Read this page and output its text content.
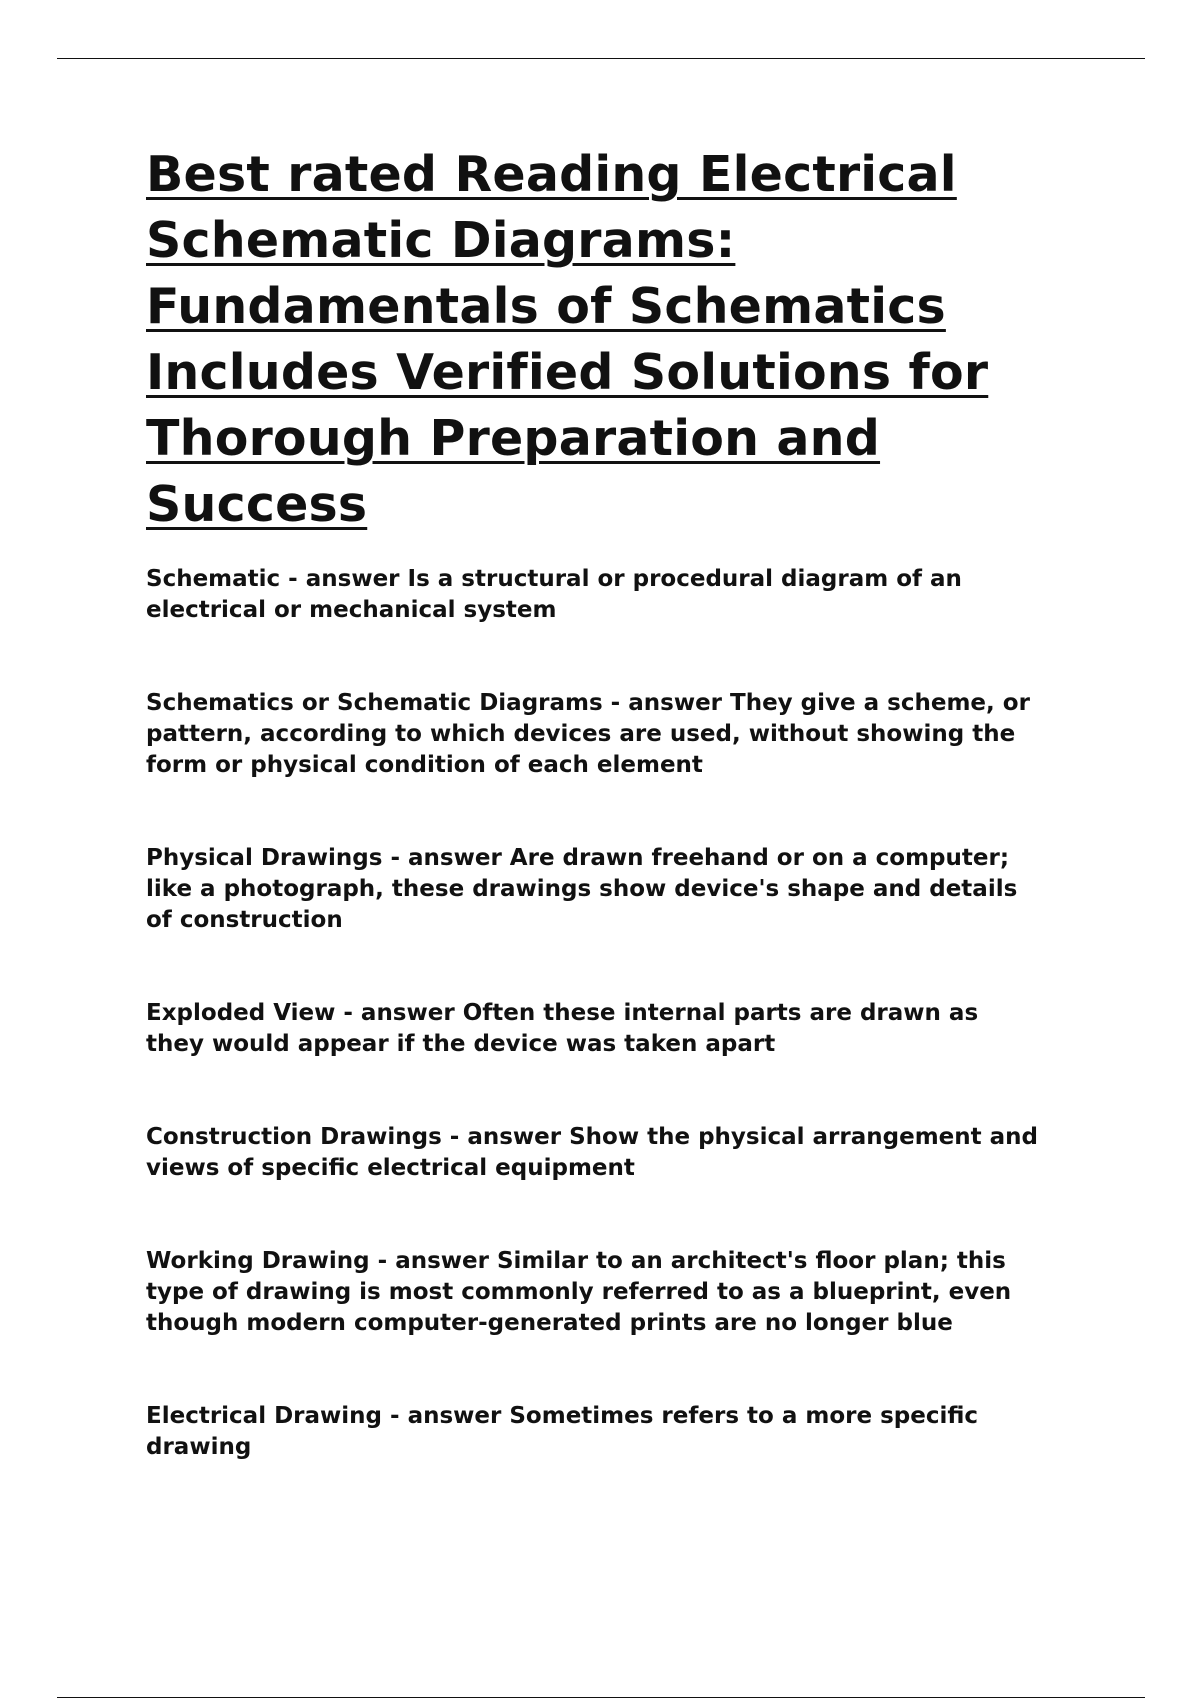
Best rated Reading Electrical
Schematic Diagrams:
Fundamentals of Schematics
Includes Verified Solutions for
Thorough Preparation and
Success

Schematic - answer Is a structural or procedural diagram of an
electrical or mechanical system

Schematics or Schematic Diagrams - answer They give a scheme, or
pattern, according to which devices are used, without showing the
form or physical condition of each element

Physical Drawings - answer Are drawn freehand or on a computer;
like a photograph, these drawings show device's shape and details
of construction

Exploded View - answer Often these internal parts are drawn as
they would appear if the device was taken apart

Construction Drawings - answer Show the physical arrangement and
views of specific electrical equipment

Working Drawing - answer Similar to an architect's floor plan; this
type of drawing is most commonly referred to as a blueprint, even
though modern computer-generated prints are no longer blue

Electrical Drawing - answer Sometimes refers to a more specific
drawing
